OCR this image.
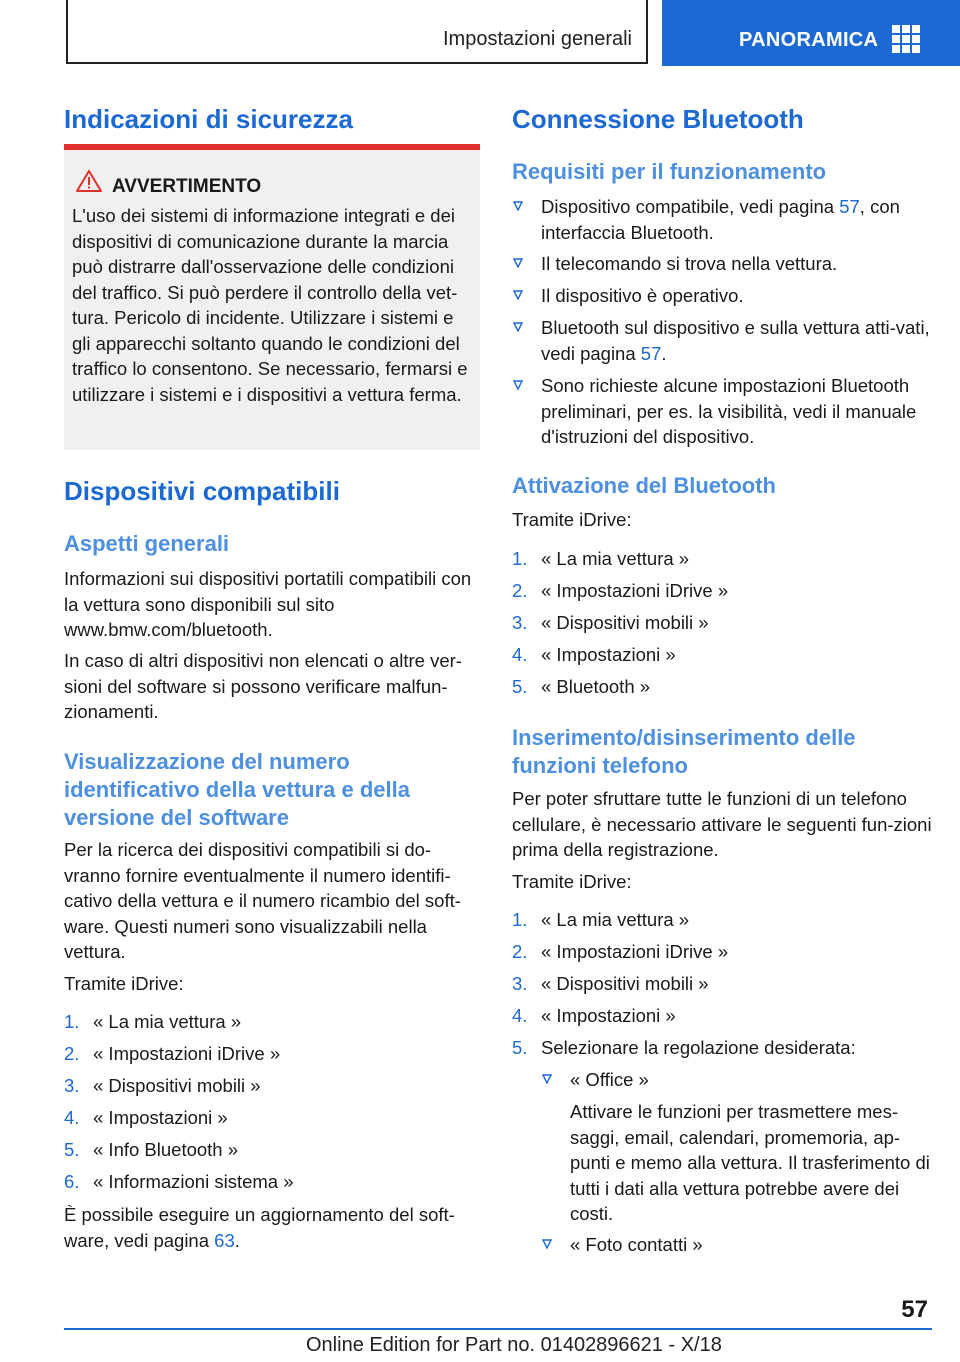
Impostazioni generali	PANORAMICA
Indicazioni di sicurezza
AVVERTIMENTO

L'uso dei sistemi di informazione integrati e dei dispositivi di comunicazione durante la marcia può distrarre dall'osservazione delle condizioni del traffico. Si può perdere il controllo della vet-tura. Pericolo di incidente. Utilizzare i sistemi e gli apparecchi soltanto quando le condizioni del traffico lo consentono. Se necessario, fermarsi e utilizzare i sistemi e i dispositivi a vettura ferma.

Dispositivi compatibili
Aspetti generali

Informazioni sui dispositivi portatili compatibili con la vettura sono disponibili sul sito www.bmw.com/bluetooth.

In caso di altri dispositivi non elencati o altre ver-sioni del software si possono verificare malfun-zionamenti.

Visualizzazione del numero identificativo della vettura e della versione del software

Per la ricerca dei dispositivi compatibili si do-vranno fornire eventualmente il numero identifi-cativo della vettura e il numero ricambio del soft-ware. Questi numeri sono visualizzabili nella vettura.

Tramite iDrive:

1. « La mia vettura »
2. « Impostazioni iDrive »
3. « Dispositivi mobili »
4. « Impostazioni »
5. « Info Bluetooth »
6. « Informazioni sistema »

È possibile eseguire un aggiornamento del soft-ware, vedi pagina 63.

Connessione Bluetooth
Requisiti per il funzionamento
Dispositivo compatibile, vedi pagina 57, con interfaccia Bluetooth.
Il telecomando si trova nella vettura.
Il dispositivo è operativo.
Bluetooth sul dispositivo e sulla vettura atti-vati, vedi pagina 57.
Sono richieste alcune impostazioni Bluetooth preliminari, per es. la visibilità, vedi il manuale d'istruzioni del dispositivo.
Attivazione del Bluetooth

Tramite iDrive:

1. « La mia vettura »
2. « Impostazioni iDrive »
3. « Dispositivi mobili »
4. « Impostazioni »
5. « Bluetooth »
Inserimento/disinserimento delle funzioni telefono

Per poter sfruttare tutte le funzioni di un telefono cellulare, è necessario attivare le seguenti fun-zioni prima della registrazione.

Tramite iDrive:

1. « La mia vettura »
2. « Impostazioni iDrive »
3. « Dispositivi mobili »
4. « Impostazioni »
5. Selezionare la regolazione desiderata:
« Office »

Attivare le funzioni per trasmettere mes-saggi, email, calendari, promemoria, ap-punti e memo alla vettura. Il trasferimento di tutti i dati alla vettura potrebbe avere dei costi.

« Foto contatti »
57
Online Edition for Part no. 01402896621 - X/18
